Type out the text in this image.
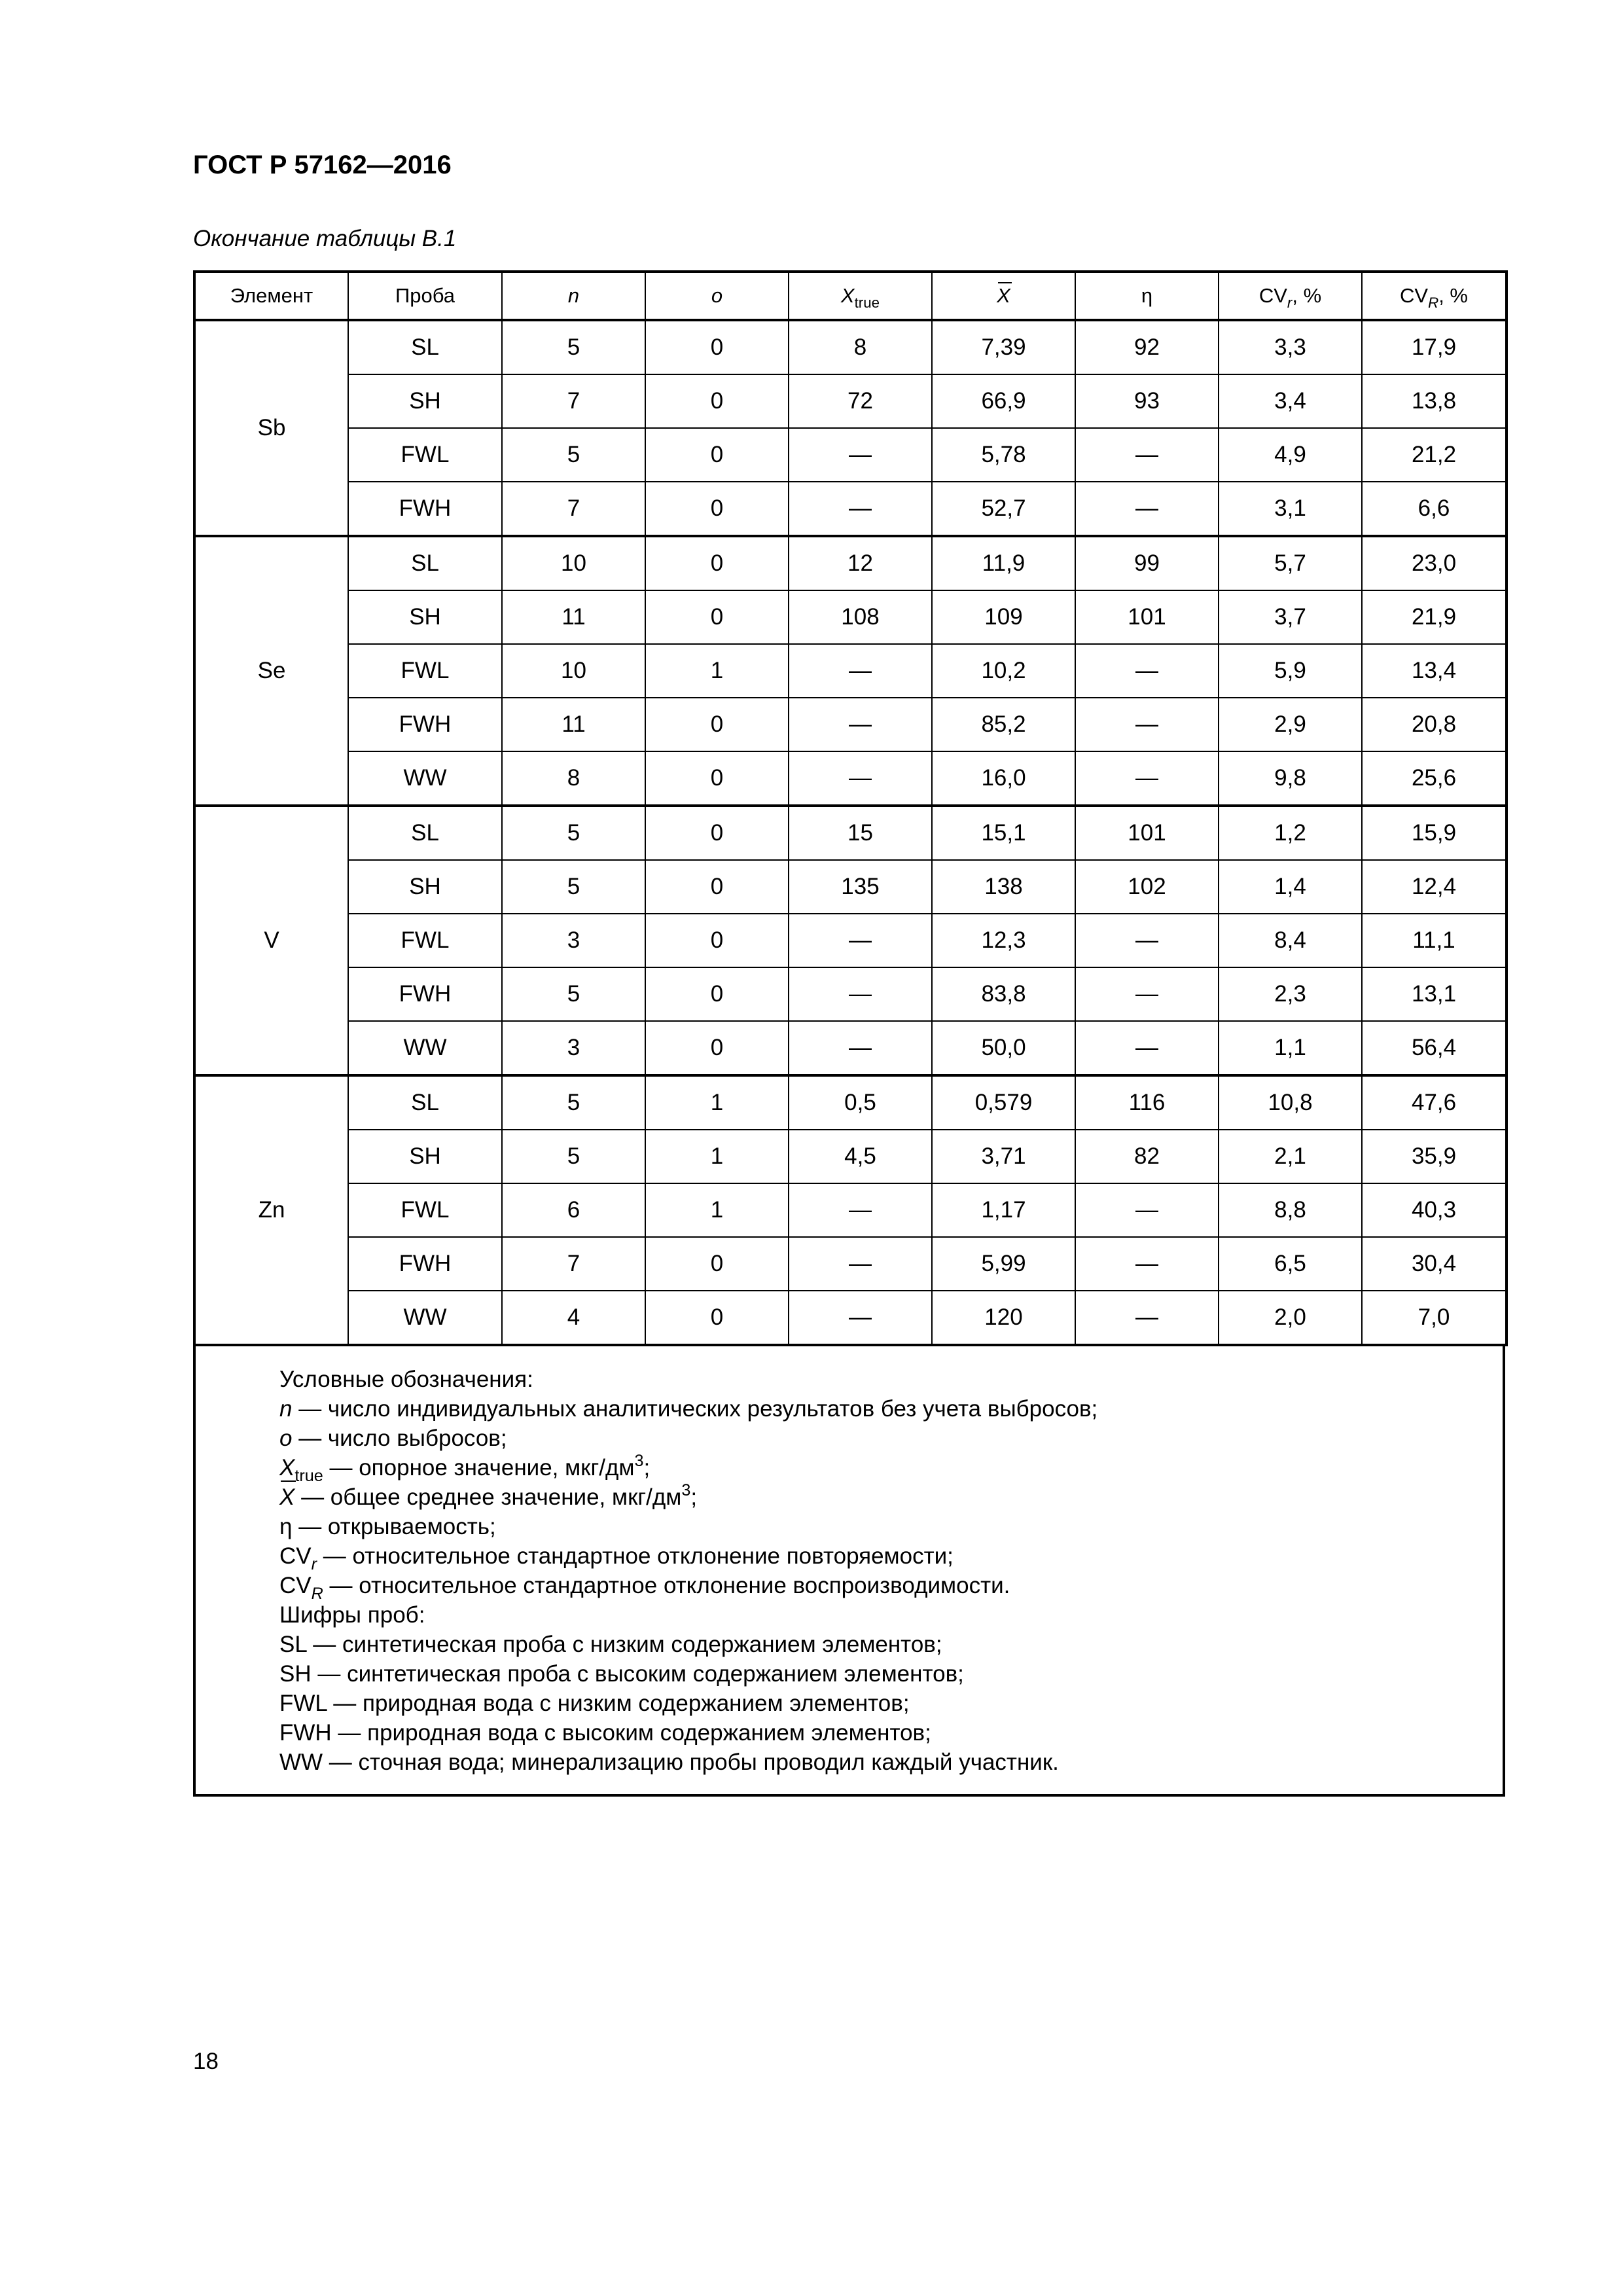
ГОСТ Р 57162—2016
Окончание таблицы В.1
Элемент	Проба	n	o	$X_{true}$	X	η	$CV_r$, %	$CV_R$, %
Sb	SL	5	0	8	7,39	92	3,3	17,9
	SH	7	0	72	66,9	93	3,4	13,8
	FWL	5	0	—	5,78	—	4,9	21,2
	FWH	7	0	—	52,7	—	3,1	6,6
Se	SL	10	0	12	11,9	99	5,7	23,0
	SH	11	0	108	109	101	3,7	21,9
	FWL	10	1	—	10,2	—	5,9	13,4
	FWH	11	0	—	85,2	—	2,9	20,8
	WW	8	0	—	16,0	—	9,8	25,6
V	SL	5	0	15	15,1	101	1,2	15,9
	SH	5	0	135	138	102	1,4	12,4
	FWL	3	0	—	12,3	—	8,4	11,1
	FWH	5	0	—	83,8	—	2,3	13,1
	WW	3	0	—	50,0	—	1,1	56,4
Zn	SL	5	1	0,5	0,579	116	10,8	47,6
	SH	5	1	4,5	3,71	82	2,1	35,9
	FWL	6	1	—	1,17	—	8,8	40,3
	FWH	7	0	—	5,99	—	6,5	30,4
	WW	4	0	—	120	—	2,0	7,0
Условные обозначения:
n — число индивидуальных аналитических результатов без учета выбросов;
o — число выбросов;
$X_{true}$ — опорное значение, мкг/$дм^3$;
X — общее среднее значение, мкг/$дм^3$;
η — открываемость;
$CV_r$ — относительное стандартное отклонение повторяемости;
$CV_R$ — относительное стандартное отклонение воспроизводимости.
Шифры проб:
SL — синтетическая проба с низким содержанием элементов;
SH — синтетическая проба с высоким содержанием элементов;
FWL — природная вода с низким содержанием элементов;
FWH — природная вода с высоким содержанием элементов;
WW — сточная вода; минерализацию пробы проводил каждый участник.
18
